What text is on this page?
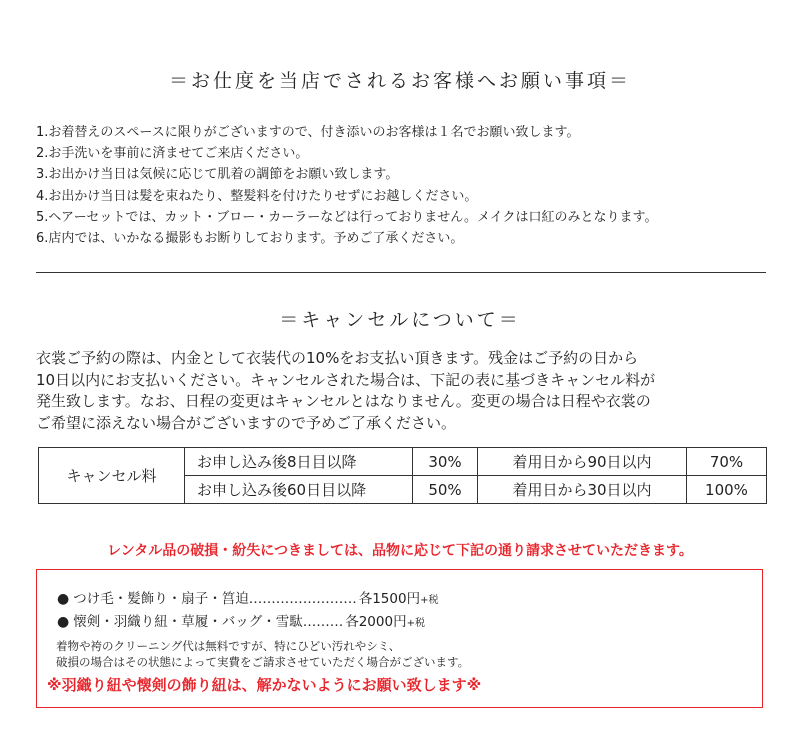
＝お仕度を当店でされるお客様へお願い事項＝
1.お着替えのスペースに限りがございますので、付き添いのお客様は１名でお願い致します。
2.お手洗いを事前に済ませてご来店ください。
3.お出かけ当日は気候に応じて肌着の調節をお願い致します。
4.お出かけ当日は髪を束ねたり、整髪料を付けたりせずにお越しください。
5.ヘアーセットでは、カット・ブロー・カーラーなどは行っておりません。メイクは口紅のみとなります。
6.店内では、いかなる撮影もお断りしております。予めご了承ください。
＝キャンセルについて＝
衣裳ご予約の際は、内金として衣装代の10%をお支払い頂きます。残金はご予約の日から
10日以内にお支払いください。キャンセルされた場合は、下記の表に基づきキャンセル料が
発生致します。なお、日程の変更はキャンセルとはなりません。変更の場合は日程や衣裳の
ご希望に添えない場合がございますので予めご了承ください。
キャンセル料	お申し込み後8日目以降	30%	着用日から90日以内	70%
	お申し込み後60日目以降	50%	着用日から30日以内	100%
レンタル品の破損・紛失につきましては、品物に応じて下記の通り請求させていただきます。
● つけ毛・髪飾り・扇子・筥迫…………………… 各1500円+税
● 懐剣・羽織り紐・草履・バッグ・雪駄……… 各2000円+税
着物や袴のクリーニング代は無料ですが、特にひどい汚れやシミ、
破損の場合はその状態によって実費をご請求させていただく場合がございます。
※羽織り紐や懐剣の飾り紐は、解かないようにお願い致します※
